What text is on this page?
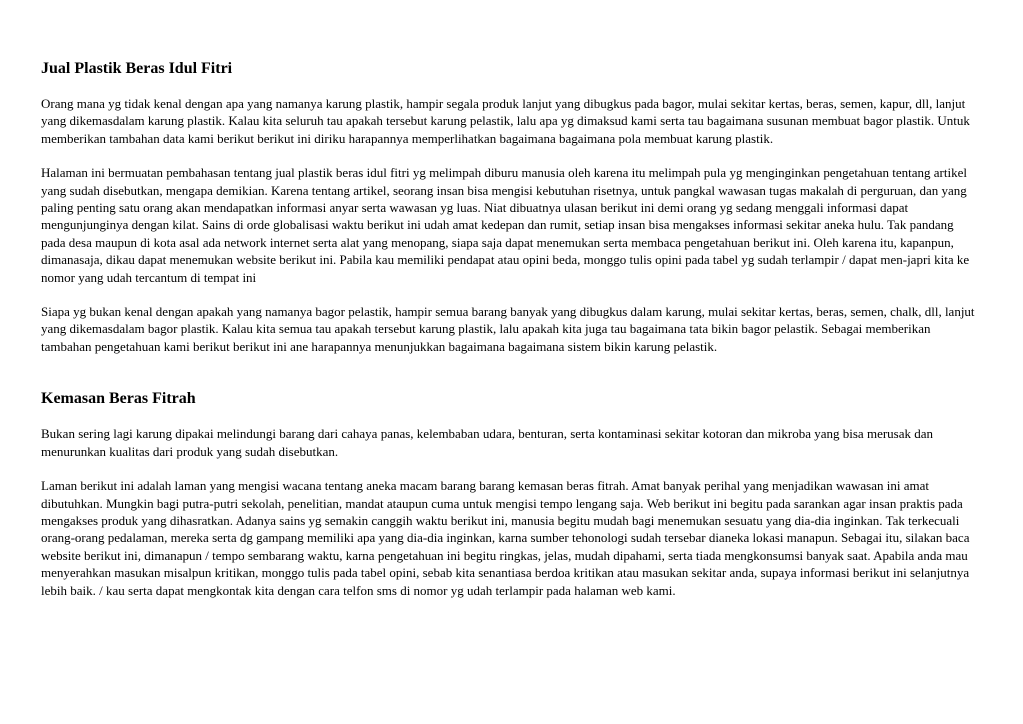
Jual Plastik Beras Idul Fitri

Orang mana yg tidak kenal dengan apa yang namanya karung plastik, hampir segala produk lanjut yang dibugkus pada bagor, mulai sekitar kertas, beras, semen, kapur, dll, lanjut yang dikemasdalam karung plastik. Kalau kita seluruh tau apakah tersebut karung pelastik, lalu apa yg dimaksud kami serta tau bagaimana susunan membuat bagor plastik. Untuk memberikan tambahan data kami berikut berikut ini diriku harapannya memperlihatkan bagaimana bagaimana pola membuat karung plastik.

Halaman ini bermuatan pembahasan tentang jual plastik beras idul fitri yg melimpah diburu manusia oleh karena itu melimpah pula yg menginginkan pengetahuan tentang artikel yang sudah disebutkan, mengapa demikian. Karena tentang artikel, seorang insan bisa mengisi kebutuhan risetnya, untuk pangkal wawasan tugas makalah di perguruan, dan yang paling penting satu orang akan mendapatkan informasi anyar serta wawasan yg luas. Niat dibuatnya ulasan berikut ini demi orang yg sedang menggali informasi dapat mengunjunginya dengan kilat. Sains di orde globalisasi waktu berikut ini udah amat kedepan dan rumit, setiap insan bisa mengakses informasi sekitar aneka hulu. Tak pandang pada desa maupun di kota asal ada network internet serta alat yang menopang, siapa saja dapat menemukan serta membaca pengetahuan berikut ini. Oleh karena itu, kapanpun, dimanasaja, dikau dapat menemukan website berikut ini. Pabila kau memiliki pendapat atau opini beda, monggo tulis opini pada tabel yg sudah terlampir / dapat men-japri kita ke nomor yang udah tercantum di tempat ini

Siapa yg bukan kenal dengan apakah yang namanya bagor pelastik, hampir semua barang banyak yang dibugkus dalam karung, mulai sekitar kertas, beras, semen, chalk, dll, lanjut yang dikemasdalam bagor plastik. Kalau kita semua tau apakah tersebut karung plastik, lalu apakah kita juga tau bagaimana tata bikin bagor pelastik. Sebagai memberikan tambahan pengetahuan kami berikut berikut ini ane harapannya menunjukkan bagaimana bagaimana sistem bikin karung pelastik.

Kemasan Beras Fitrah

Bukan sering lagi karung dipakai melindungi barang dari cahaya panas, kelembaban udara, benturan, serta kontaminasi sekitar kotoran dan mikroba yang bisa merusak dan menurunkan kualitas dari produk yang sudah disebutkan.

Laman berikut ini adalah laman yang mengisi wacana tentang aneka macam barang barang kemasan beras fitrah. Amat banyak perihal yang menjadikan wawasan ini amat dibutuhkan. Mungkin bagi putra-putri sekolah, penelitian, mandat ataupun cuma untuk mengisi tempo lengang saja. Web berikut ini begitu pada sarankan agar insan praktis pada mengakses produk yang dihasratkan. Adanya sains yg semakin canggih waktu berikut ini, manusia begitu mudah bagi menemukan sesuatu yang dia-dia inginkan. Tak terkecuali orang-orang pedalaman, mereka serta dg gampang memiliki apa yang dia-dia inginkan, karna sumber tehonologi sudah tersebar dianeka lokasi manapun. Sebagai itu, silakan baca website berikut ini, dimanapun / tempo sembarang waktu, karna pengetahuan ini begitu ringkas, jelas, mudah dipahami, serta tiada mengkonsumsi banyak saat. Apabila anda mau menyerahkan masukan misalpun kritikan, monggo tulis pada tabel opini, sebab kita senantiasa berdoa kritikan atau masukan sekitar anda, supaya informasi berikut ini selanjutnya lebih baik. / kau serta dapat mengkontak kita dengan cara telfon sms di nomor yg udah terlampir pada halaman web kami.
